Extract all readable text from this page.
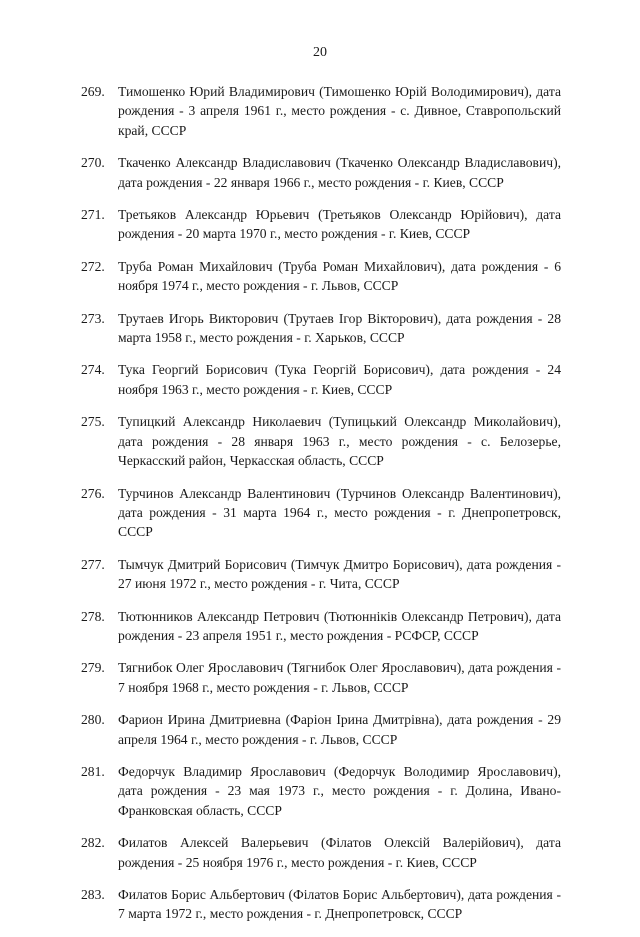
20
269. Тимошенко Юрий Владимирович (Тимошенко Юрій Володимирович), дата рождения - 3 апреля 1961 г., место рождения - с. Дивное, Ставропольский край, СССР
270. Ткаченко Александр Владиславович (Ткаченко Олександр Владиславович), дата рождения - 22 января 1966 г., место рождения - г. Киев, СССР
271. Третьяков Александр Юрьевич (Третьяков Олександр Юрійович), дата рождения - 20 марта 1970 г., место рождения - г. Киев, СССР
272. Труба Роман Михайлович (Труба Роман Михайлович), дата рождения - 6 ноября 1974 г., место рождения - г. Львов, СССР
273. Трутаев Игорь Викторович (Трутаев Ігор Вікторович), дата рождения - 28 марта 1958 г., место рождения - г. Харьков, СССР
274. Тука Георгий Борисович (Тука Георгій Борисович), дата рождения - 24 ноября 1963 г., место рождения - г. Киев, СССР
275. Тупицкий Александр Николаевич (Тупицький Олександр Миколайович), дата рождения - 28 января 1963 г., место рождения - с. Белозерье, Черкасский район, Черкасская область, СССР
276. Турчинов Александр Валентинович (Турчинов Олександр Валентинович), дата рождения - 31 марта 1964 г., место рождения - г. Днепропетровск, СССР
277. Тымчук Дмитрий Борисович (Тимчук Дмитро Борисович), дата рождения - 27 июня 1972 г., место рождения - г. Чита, СССР
278. Тютюнников Александр Петрович (Тютюнніків Олександр Петрович), дата рождения - 23 апреля 1951 г., место рождения - РСФСР, СССР
279. Тягнибок Олег Ярославович (Тягнибок Олег Ярославович), дата рождения - 7 ноября 1968 г., место рождения - г. Львов, СССР
280. Фарион Ирина Дмитриевна (Фаріон Ірина Дмитрівна), дата рождения - 29 апреля 1964 г., место рождения - г. Львов, СССР
281. Федорчук Владимир Ярославович (Федорчук Володимир Ярославович), дата рождения - 23 мая 1973 г., место рождения - г. Долина, Ивано-Франковская область, СССР
282. Филатов Алексей Валерьевич (Філатов Олексій Валерійович), дата рождения - 25 ноября 1976 г., место рождения - г. Киев, СССР
283. Филатов Борис Альбертович (Філатов Борис Альбертович), дата рождения - 7 марта 1972 г., место рождения - г. Днепропетровск, СССР
